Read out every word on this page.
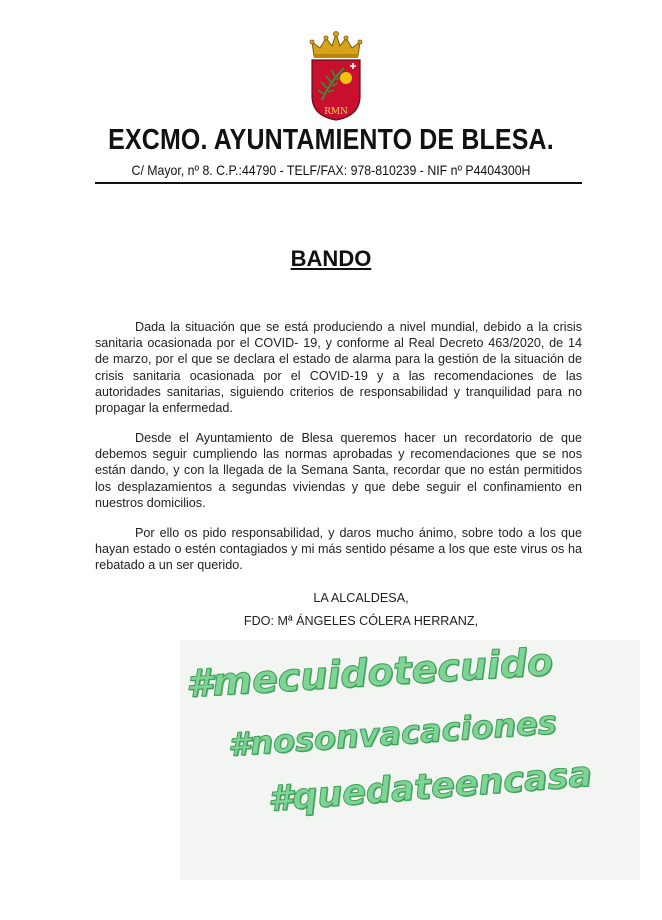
RMN
EXCMO. AYUNTAMIENTO DE BLESA.
C/ Mayor, nº 8. C.P.:44790 - TELF/FAX: 978-810239 - NIF nº P4404300H
BANDO

Dada la situación que se está produciendo a nivel mundial, debido a la crisis sanitaria ocasionada por el COVID- 19, y conforme al Real Decreto 463/2020, de 14 de marzo, por el que se declara el estado de alarma para la gestión de la situación de crisis sanitaria ocasionada por el COVID-19 y a las recomendaciones de las autoridades sanitarias, siguiendo criterios de responsabilidad y tranquilidad para no propagar la enfermedad.

Desde el Ayuntamiento de Blesa queremos hacer un recordatorio de que debemos seguir cumpliendo las normas aprobadas y recomendaciones que se nos están dando, y con la llegada de la Semana Santa, recordar que no están permitidos los desplazamientos a segundas viviendas y que debe seguir el confinamiento en nuestros domicilios.

Por ello os pido responsabilidad, y daros mucho ánimo, sobre todo a los que hayan estado o estén contagiados y mi más sentido pésame a los que este virus os ha rebatado a un ser querido.

LA ALCALDESA,
FDO: Mª ÁNGELES CÓLERA HERRANZ,
#mecuidotecuido
#nosonvacaciones
#quedateencasa
